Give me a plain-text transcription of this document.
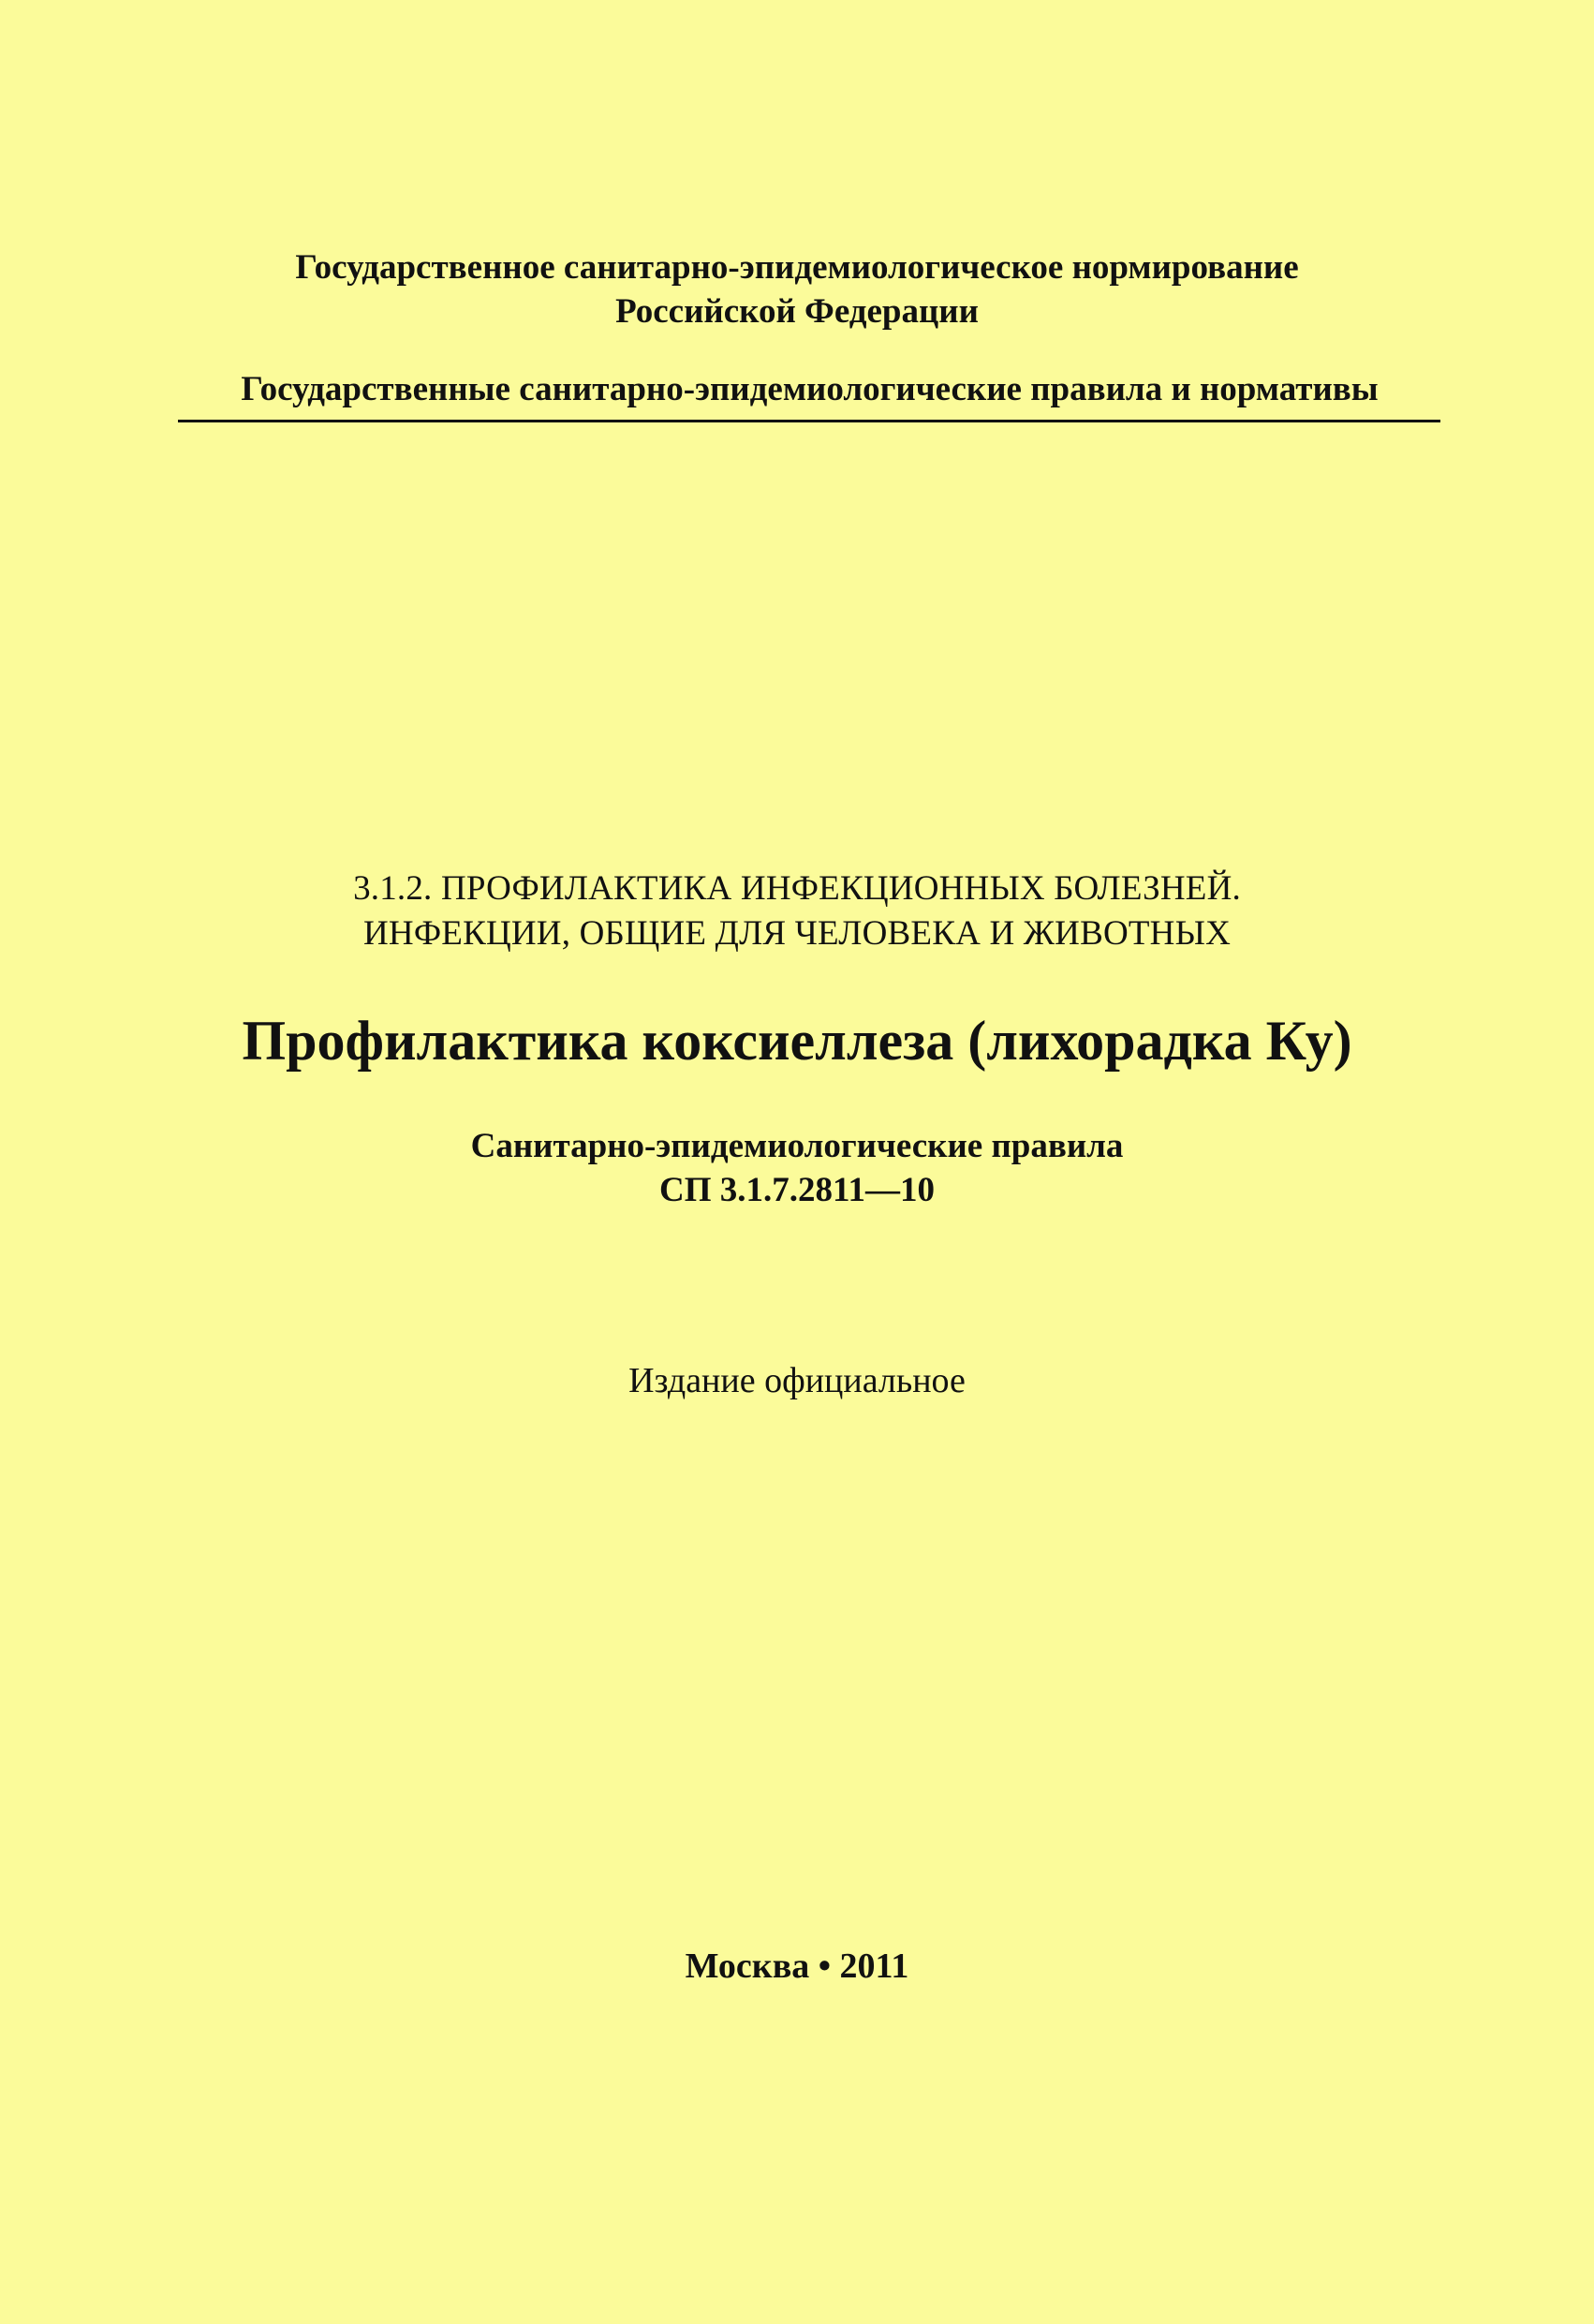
Государственное санитарно-эпидемиологическое нормирование
Российской Федерации
Государственные санитарно-эпидемиологические правила и нормативы
3.1.2. ПРОФИЛАКТИКА ИНФЕКЦИОННЫХ БОЛЕЗНЕЙ.
ИНФЕКЦИИ, ОБЩИЕ ДЛЯ ЧЕЛОВЕКА И ЖИВОТНЫХ
Профилактика коксиеллеза (лихорадка Ку)
Санитарно-эпидемиологические правила
СП 3.1.7.2811—10
Издание официальное
Москва • 2011
